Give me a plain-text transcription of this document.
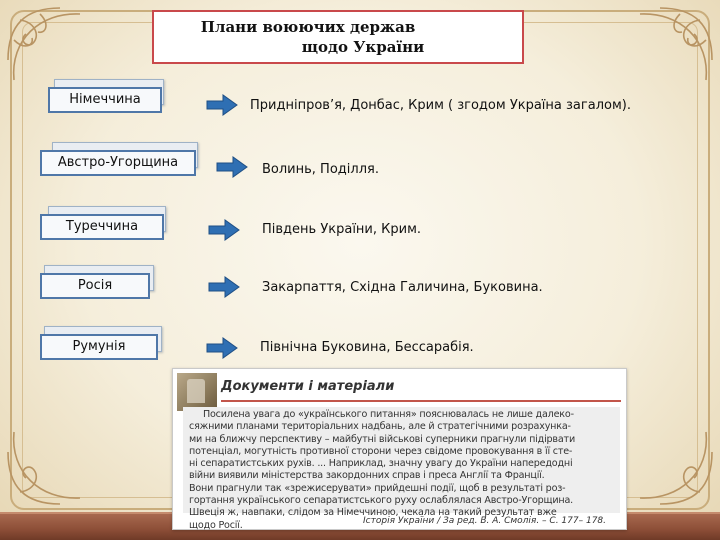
Плани воюючих держав
щодо України
Німеччина	Придніпров’я, Донбас, Крим ( згодом Україна загалом).
Австро-Угорщина	Волинь, Поділля.
Туреччина	Південь України, Крим.
Росія	Закарпаття, Східна Галичина, Буковина.
Румунія	Північна Буковина, Бессарабія.
Документи і матеріали
Посилена увага до «українського питання» пояснювалась не лише далеко-
сяжними планами територіальних надбань, але й стратегічними розрахунка-
ми на ближчу перспективу – майбутні військові суперники прагнули підірвати
потенціал, могутність противної сторони через свідоме провокування в її сте-
ні сепаратистських рухів. ... Наприклад, значну увагу до України напередодні
війни виявили міністерства закордонних справ і преса Англії та Франції.
Вони прагнули так «зрежисерувати» прийдешні події, щоб в результаті роз-
гортання українського сепаратистського руху ослаблялася Австро-Угорщина.
Швеція ж, навпаки, слідом за Німеччиною, чекала на такий результат вже
щодо Росії.	Історія України / За ред. В. А. Смолія. – С. 177– 178.
